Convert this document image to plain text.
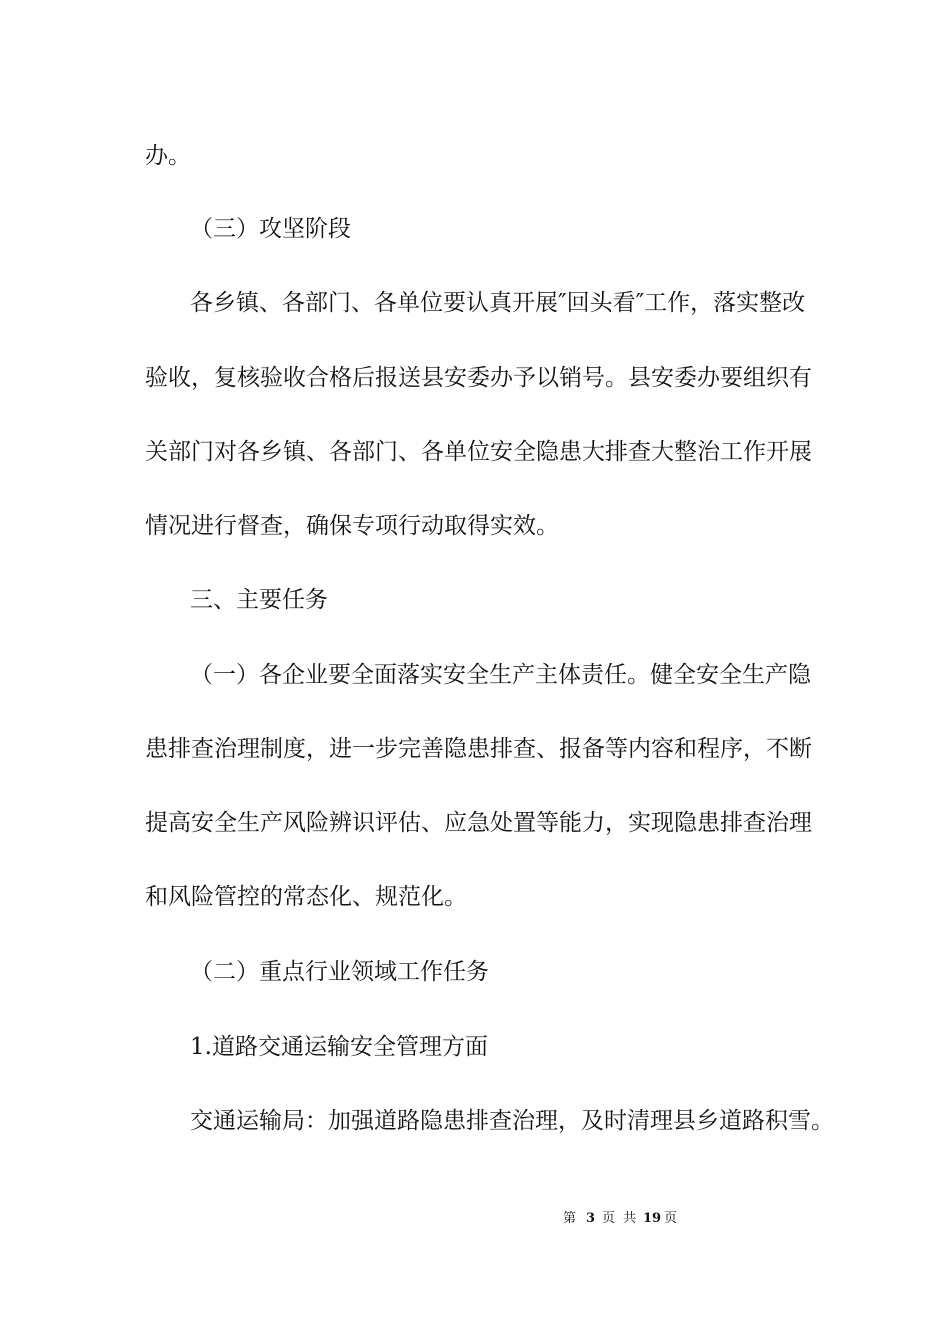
办。

（三）攻坚阶段

各乡镇、各部门、各单位要认真开展″回头看″工作，落实整改

验收，复核验收合格后报送县安委办予以销号。县安委办要组织有

关部门对各乡镇、各部门、各单位安全隐患大排查大整治工作开展

情况进行督查，确保专项行动取得实效。

三、主要任务

（一）各企业要全面落实安全生产主体责任。健全安全生产隐

患排查治理制度，进一步完善隐患排查、报备等内容和程序，不断

提高安全生产风险辨识评估、应急处置等能力，实现隐患排查治理

和风险管控的常态化、规范化。

（二）重点行业领域工作任务

1.道路交通运输安全管理方面

交通运输局：加强道路隐患排查治理，及时清理县乡道路积雪。

第 3 页 共 19 页
